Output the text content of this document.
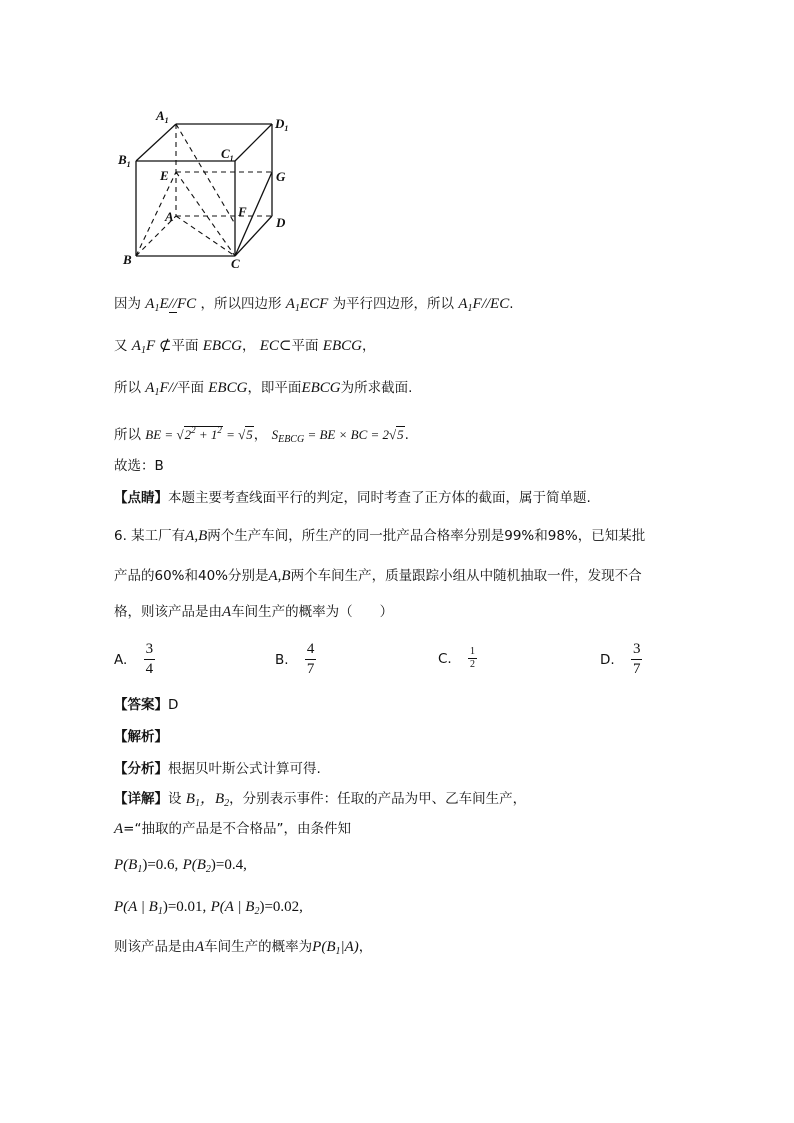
$A_1$	$D_1$
$B_1$
$C_1$
E	G
A	F
D
B	C
因为 $A_1E//FC$ ，所以四边形 $A_1ECF$ 为平行四边形，所以 $A_1F//EC$.
又 $A_1F$ ⊄平面 EBCG， EC⊂平面 EBCG，
所以 $A_1F//$平面 EBCG，即平面EBCG为所求截面.
所以 BE = $√2^2 + 1^2 = √5$， $S_{EBCG}$ = BE × BC = 2√5.
故选：B
【点睛】本题主要考查线面平行的判定，同时考查了正方体的截面，属于简单题.
6. 某工厂有A,B两个生产车间，所生产的同一批产品合格率分别是99%和98%，已知某批
产品的60%和40%分别是A,B两个车间生产，质量跟踪小组从中随机抽取一件，发现不合
格，则该产品是由A车间生产的概率为（　　）
A. $\frac{3}{4}$	B. $\frac{4}{7}$	C. $\frac{1}{2}$	D. $\frac{3}{7}$
【答案】D
【解析】
【分析】根据贝叶斯公式计算可得.
【详解】设 $B_1$，$B_2$，分别表示事件：任取的产品为甲、乙车间生产，
A=“抽取的产品是不合格品”，由条件知
$P(B_1)=0.6$, $P(B_2)=0.4$,
P(A | $B_1)=0.01$, P(A | $B_2)=0.02$,
则该产品是由A车间生产的概率为$P(B_1|A)$，
